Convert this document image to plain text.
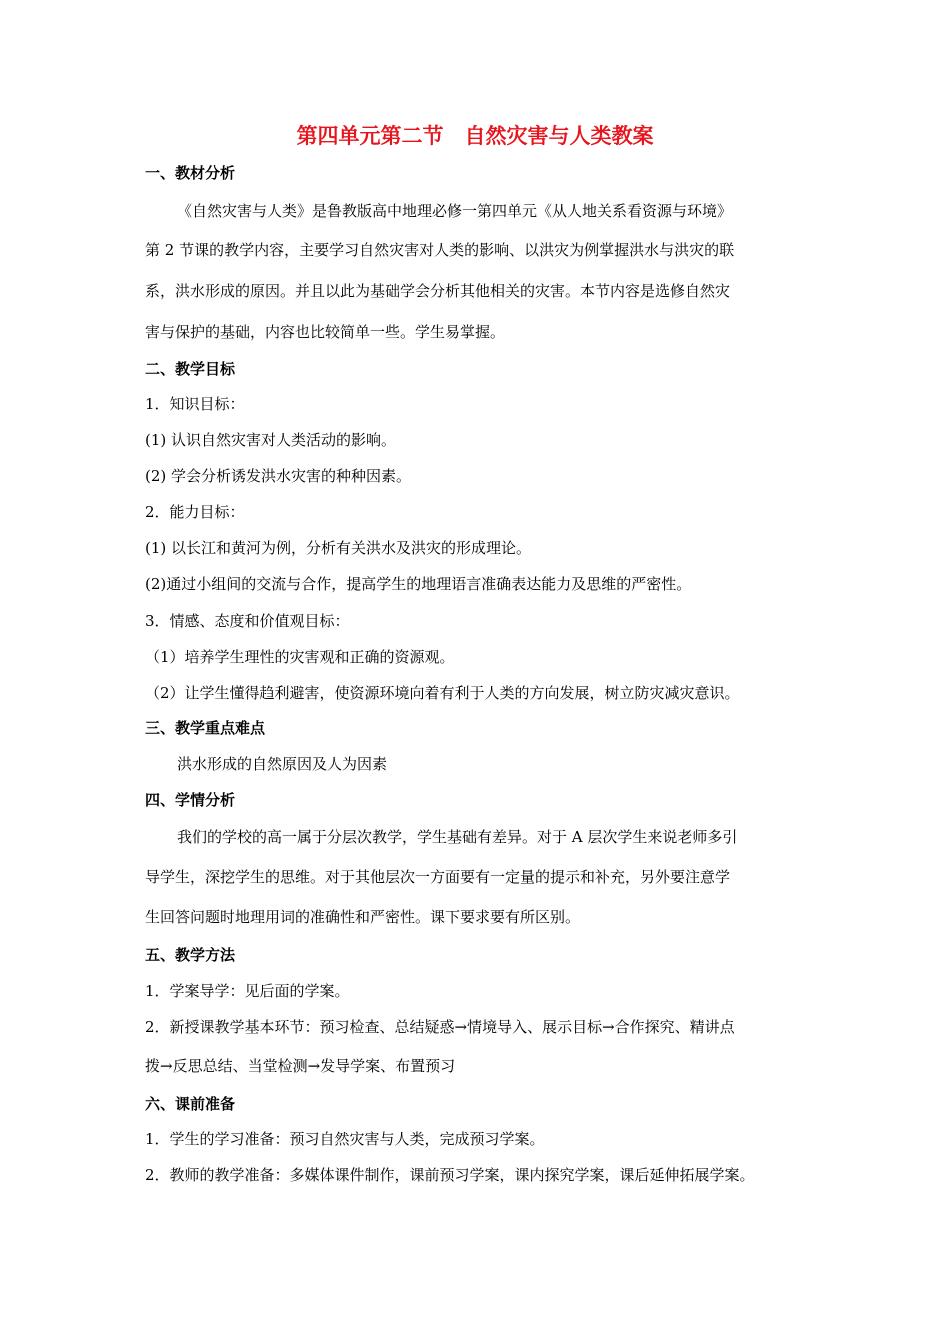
第四单元第二节　自然灾害与人类教案
一、教材分析
《自然灾害与人类》是鲁教版高中地理必修一第四单元《从人地关系看资源与环境》
第 2 节课的教学内容，主要学习自然灾害对人类的影响、以洪灾为例掌握洪水与洪灾的联
系，洪水形成的原因。并且以此为基础学会分析其他相关的灾害。本节内容是选修自然灾
害与保护的基础，内容也比较简单一些。学生易掌握。
二、教学目标
1．知识目标：
(1) 认识自然灾害对人类活动的影响。
(2) 学会分析诱发洪水灾害的种种因素。
2．能力目标：
(1) 以长江和黄河为例，分析有关洪水及洪灾的形成理论。
(2)通过小组间的交流与合作，提高学生的地理语言准确表达能力及思维的严密性。
3．情感、态度和价值观目标：
（1）培养学生理性的灾害观和正确的资源观。
（2）让学生懂得趋利避害，使资源环境向着有利于人类的方向发展，树立防灾减灾意识。
三、教学重点难点
洪水形成的自然原因及人为因素
四、学情分析
我们的学校的高一属于分层次教学，学生基础有差异。对于 A 层次学生来说老师多引
导学生，深挖学生的思维。对于其他层次一方面要有一定量的提示和补充，另外要注意学
生回答问题时地理用词的准确性和严密性。课下要求要有所区别。
五、教学方法
1．学案导学：见后面的学案。
2．新授课教学基本环节：预习检查、总结疑惑→情境导入、展示目标→合作探究、精讲点
拨→反思总结、当堂检测→发导学案、布置预习
六、课前准备
1．学生的学习准备：预习自然灾害与人类，完成预习学案。
2．教师的教学准备：多媒体课件制作，课前预习学案，课内探究学案，课后延伸拓展学案。
